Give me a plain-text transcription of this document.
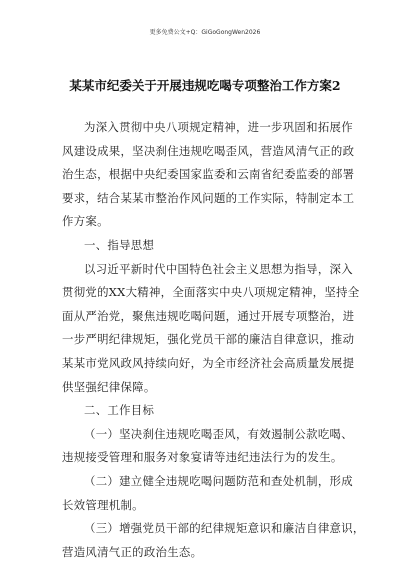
更多免费公文+Q：GiGoGongWen2026
某某市纪委关于开展违规吃喝专项整治工作方案2
为深入贯彻中央八项规定精神，进一步巩固和拓展作
风建设成果，坚决刹住违规吃喝歪风，营造风清气正的政
治生态，根据中央纪委国家监委和云南省纪委监委的部署
要求，结合某某市整治作风问题的工作实际，特制定本工
作方案。
一、指导思想
以习近平新时代中国特色社会主义思想为指导，深入
贯彻党的XX大精神，全面落实中央八项规定精神，坚持全
面从严治党，聚焦违规吃喝问题，通过开展专项整治，进
一步严明纪律规矩，强化党员干部的廉洁自律意识，推动
某某市党风政风持续向好，为全市经济社会高质量发展提
供坚强纪律保障。
二、工作目标
（一）坚决刹住违规吃喝歪风，有效遏制公款吃喝、
违规接受管理和服务对象宴请等违纪违法行为的发生。
（二）建立健全违规吃喝问题防范和查处机制，形成
长效管理机制。
（三）增强党员干部的纪律规矩意识和廉洁自律意识，
营造风清气正的政治生态。
